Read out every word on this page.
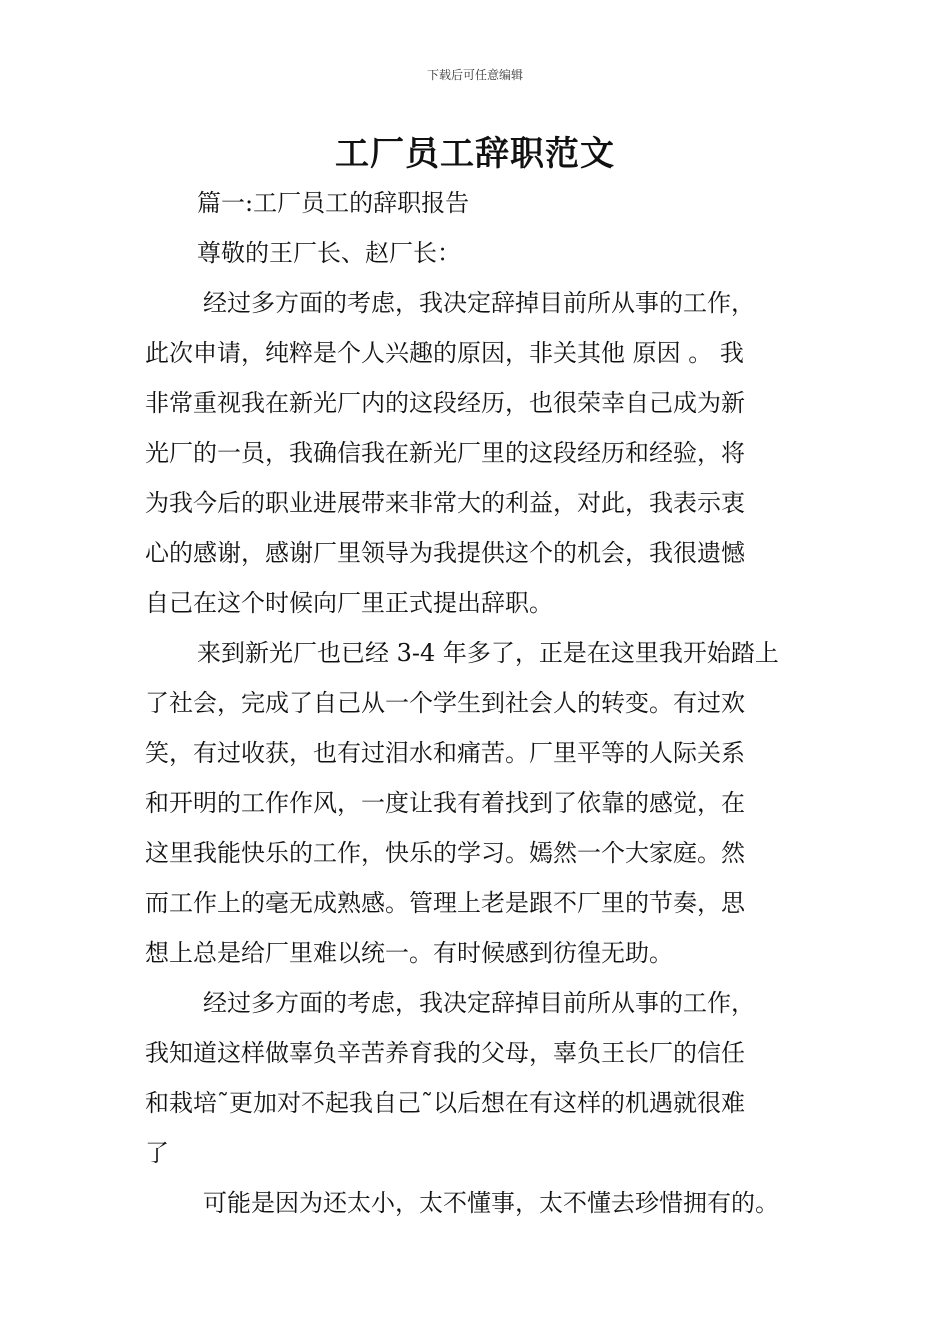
下载后可任意编辑
工厂员工辞职范文
篇一:工厂员工的辞职报告
尊敬的王厂长、赵厂长：
经过多方面的考虑，我决定辞掉目前所从事的工作，
此次申请，纯粹是个人兴趣的原因，非关其他 原因 。 我
非常重视我在新光厂内的这段经历，也很荣幸自己成为新
光厂的一员，我确信我在新光厂里的这段经历和经验，将
为我今后的职业进展带来非常大的利益，对此，我表示衷
心的感谢，感谢厂里领导为我提供这个的机会，我很遗憾
自己在这个时候向厂里正式提出辞职。
来到新光厂也已经 3-4 年多了，正是在这里我开始踏上
了社会，完成了自己从一个学生到社会人的转变。有过欢
笑，有过收获，也有过泪水和痛苦。厂里平等的人际关系
和开明的工作作风，一度让我有着找到了依靠的感觉，在
这里我能快乐的工作，快乐的学习。嫣然一个大家庭。然
而工作上的毫无成熟感。管理上老是跟不厂里的节奏，思
想上总是给厂里难以统一。有时候感到彷徨无助。
经过多方面的考虑，我决定辞掉目前所从事的工作，
我知道这样做辜负辛苦养育我的父母，辜负王长厂的信任
和栽培˜更加对不起我自己˜以后想在有这样的机遇就很难
了
可能是因为还太小，太不懂事，太不懂去珍惜拥有的。
